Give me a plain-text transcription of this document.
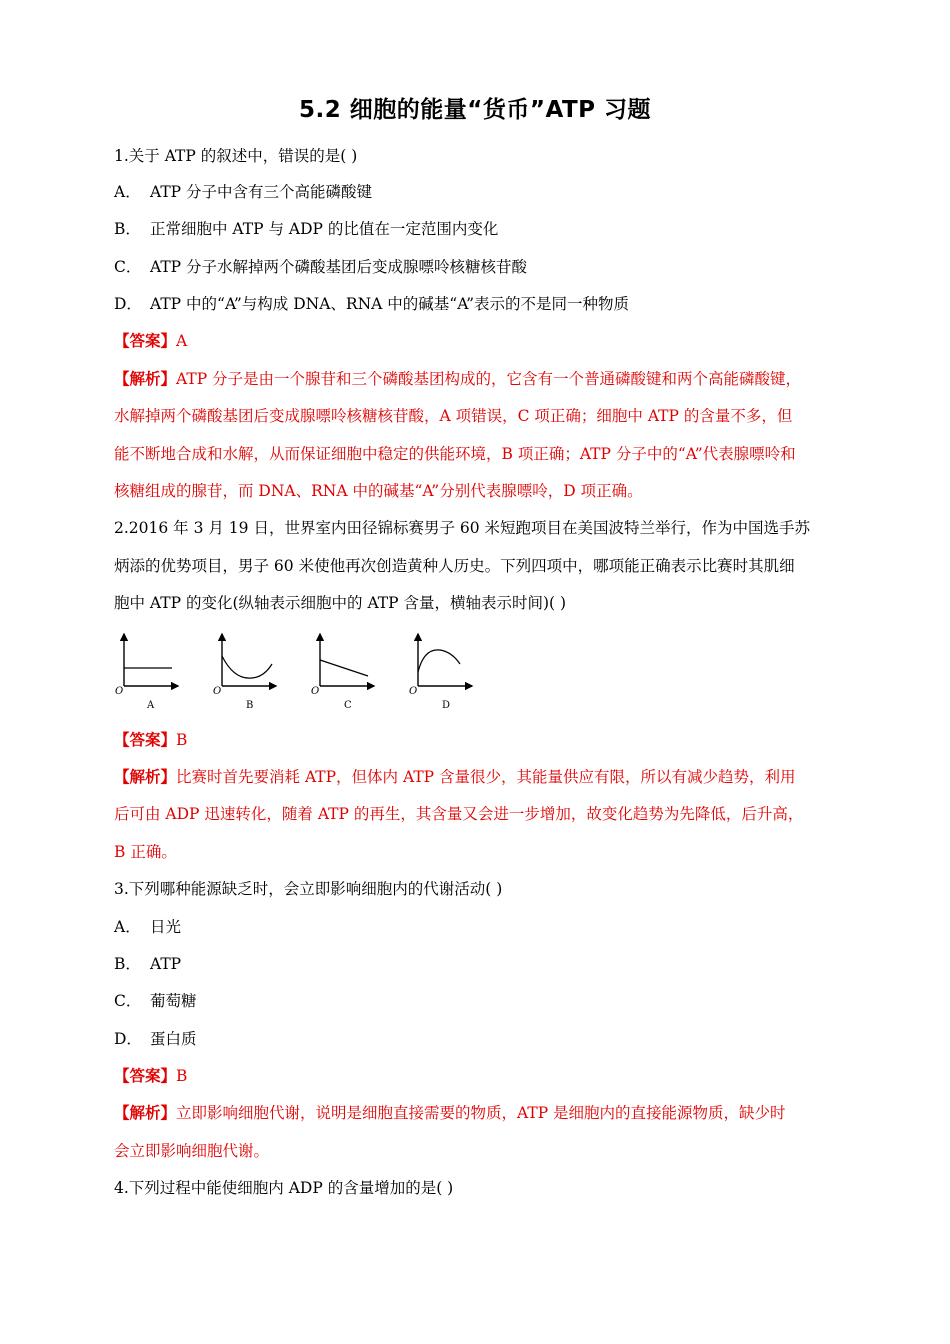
5.2 细胞的能量“货币”ATP 习题
1.关于 ATP 的叙述中，错误的是( )
A． ATP 分子中含有三个高能磷酸键
B． 正常细胞中 ATP 与 ADP 的比值在一定范围内变化
C． ATP 分子水解掉两个磷酸基团后变成腺嘌呤核糖核苷酸
D． ATP 中的“A”与构成 DNA、RNA 中的碱基“A”表示的不是同一种物质
【答案】A
【解析】ATP 分子是由一个腺苷和三个磷酸基团构成的，它含有一个普通磷酸键和两个高能磷酸键，
水解掉两个磷酸基团后变成腺嘌呤核糖核苷酸，A 项错误，C 项正确；细胞中 ATP 的含量不多，但
能不断地合成和水解，从而保证细胞中稳定的供能环境，B 项正确；ATP 分子中的“A”代表腺嘌呤和
核糖组成的腺苷，而 DNA、RNA 中的碱基“A”分别代表腺嘌呤，D 项正确。
2.2016 年 3 月 19 日，世界室内田径锦标赛男子 60 米短跑项目在美国波特兰举行，作为中国选手苏
炳添的优势项目，男子 60 米使他再次创造黄种人历史。下列四项中，哪项能正确表示比赛时其肌细
胞中 ATP 的变化(纵轴表示细胞中的 ATP 含量，横轴表示时间)( )
O
A
O
B
O
C
O
D
【答案】B
【解析】比赛时首先要消耗 ATP，但体内 ATP 含量很少，其能量供应有限，所以有减少趋势，利用
后可由 ADP 迅速转化，随着 ATP 的再生，其含量又会进一步增加，故变化趋势为先降低，后升高，
B 正确。
3.下列哪种能源缺乏时，会立即影响细胞内的代谢活动( )
A． 日光
B． ATP
C． 葡萄糖
D． 蛋白质
【答案】B
【解析】立即影响细胞代谢，说明是细胞直接需要的物质，ATP 是细胞内的直接能源物质，缺少时
会立即影响细胞代谢。
4.下列过程中能使细胞内 ADP 的含量增加的是( )
